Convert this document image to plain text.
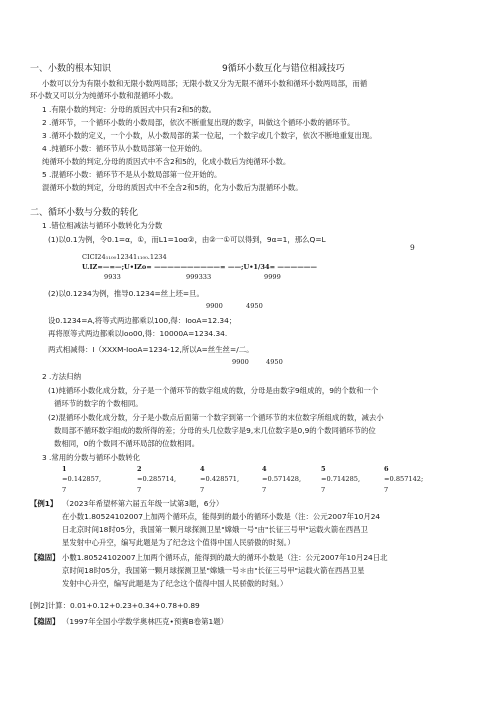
一、小数的根本知识	9循环小数互化与错位相减技巧
小数可以分为有限小数和无限小数两局部；无限小数又分为无限不循环小数和循环小数两局部，而循
环小数又可以分为纯循环小数和混循环小数。
1 .有限小数的判定：分母的质因式中只有2和5的数。
2 .循环节，一个循环小数的小数局部，依次不断重复出现的数字，叫做这个循环小数的循环节。
3 .循环小数的定义，一个小数，从小数局部的某一位起，一个数字或几个数字，依次不断地重复出现。
4 .纯循环小数：循环节从小数局部第一位开始的。
纯循环小数的判定,分母的质因式中不含2和5的，化成小数后为纯循环小数。
5 .混循环小数：循环节不是从小数局部第一位开始的。
混循环小数的判定，分母的质因式中不全含2和5的，化为小数后为混循环小数。
二、循环小数与分数的转化
1 .错位相减法与循环小数转化为分数
(1)以0.1为例，令0.1=α，①，而L1=1oα②，由②一①可以得到，9α=1，那么Q=L
9
CICI24₁₁₀₀12341₁₁₀₀.1234
U.IZ=—=—;U•IZo= ——————————= ——;U•1/34= ——————
9933	999333	9999
(2)以0.1234为例，推导0.1234=丝上坯=旦。
9900	4950
设0.1234=A,将等式两边都乘以100,得：IooA=12.34；
再将原等式两边都乘以loo00,得：10000A=1234.34.
两式相减得：I（XXXM-IooA=1234-12,所以A=丝生丝=/二。
9900	4950
2 .方法归纳
(1)纯循环小数化成分数，分子是一个循环节的数字组成的数，分母是由数字9组成的，9的个数和一个
循环节的数字的个数相同。
(2)混循环小数化成分数，分子是小数点后面第一个数字到第一个循环节的末位数字所组成的数，减去小
数局部不循环数字组成的数所得的差；分母的头几位数字是9,末几位数字是0,9的个数同循环节的位
数相同，0的个数同不循环局部的位数相同。
3 .常用的分数与循环小数转化
1	2	4	4	5	6
=0.142857,	=0.285714,	=0.428571,	=0.571428,	=0.714285,	=0.857142;
7	7	7	7	7	7
【例1】 （2023年希望杯第六届五年级一试第3题，6分）
在小数1.80524102007上加两个循环点，能得到的最小的循环小数是（注：公元2007年10月24
日北京时间18时05分，我国第一颗月球探测卫星"嫦娥一号"由"长征三号甲"运载火箭在西昌卫
星发射中心升空，编写此题是为了纪念这个值得中国人民骄傲的时刻。）
【稳固】 小數1.80524102007上加两个循环点，能得到的最大的循环小数是（注：公元2007年10月24日北
京时间18时05分，我国第一颗月球探测卫星"嫦娥一号＊由"长征三号甲"运载火箭在西昌卫星
发射中心升空，编写此题是为了纪念这个值得中国人民骄傲的时刻。）
[例2]计算：0.01+0.12+0.23+0.34+0.78+0.89
【稳固】 （1997年全国小学数学奥林匹克•预赛B卷第1题）
